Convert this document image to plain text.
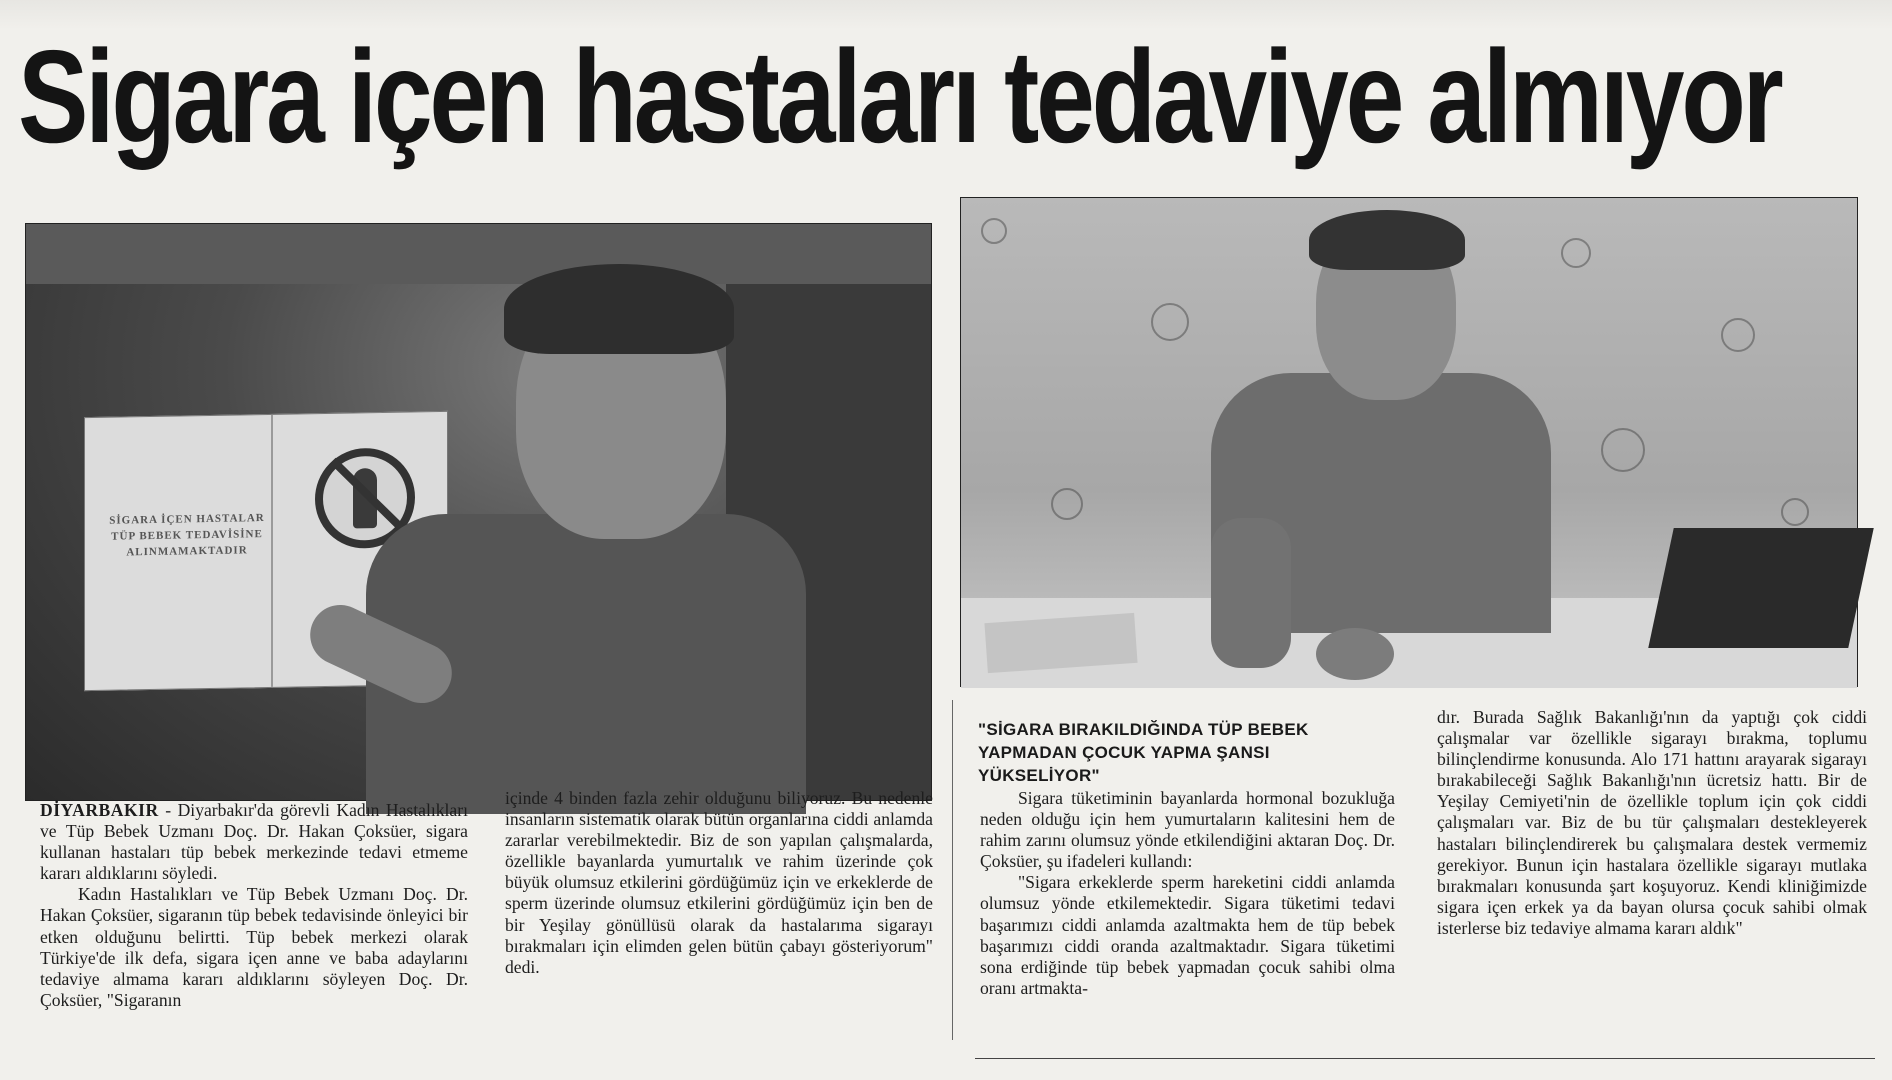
Sigara içen hastaları tedaviye almıyor
SİGARA İÇEN HASTALAR TÜP BEBEK TEDAVİSİNE ALINMAMAKTADIR

DİYARBAKIR - Diyarbakır'da görevli Kadın Hastalıkları ve Tüp Bebek Uzmanı Doç. Dr. Hakan Çoksüer, sigara kullanan hastaları tüp bebek merkezinde tedavi etmeme kararı aldıklarını söyledi.

Kadın Hastalıkları ve Tüp Bebek Uzmanı Doç. Dr. Hakan Çoksüer, sigaranın tüp bebek tedavisinde önleyici bir etken olduğunu belirtti. Tüp bebek merkezi olarak Türkiye'de ilk defa, sigara içen anne ve baba adaylarını tedaviye almama kararı aldıklarını söyleyen Doç. Dr. Çoksüer, "Sigaranın

içinde 4 binden fazla zehir olduğunu biliyoruz. Bu nedenle insanların sistematik olarak bütün organlarına ciddi anlamda zararlar verebilmektedir. Biz de son yapılan çalışmalarda, özellikle bayanlarda yumurtalık ve rahim üzerinde çok büyük olumsuz etkilerini gördüğümüz için ve erkeklerde de sperm üzerinde olumsuz etkilerini gördüğümüz için ben de bir Yeşilay gönüllüsü olarak da hastalarıma sigarayı bırakmaları için elimden gelen bütün çabayı gösteriyorum" dedi.

"SİGARA BIRAKILDIĞINDA TÜP BEBEK YAPMADAN ÇOCUK YAPMA ŞANSI YÜKSELİYOR"

Sigara tüketiminin bayanlarda hormonal bozukluğa neden olduğu için hem yumurtaların kalitesini hem de rahim zarını olumsuz yönde etkilendiğini aktaran Doç. Dr. Çoksüer, şu ifadeleri kullandı:

"Sigara erkeklerde sperm hareketini ciddi anlamda olumsuz yönde etkilemektedir. Sigara tüketimi tedavi başarımızı ciddi anlamda azaltmakta hem de tüp bebek başarımızı ciddi oranda azaltmaktadır. Sigara tüketimi sona erdiğinde tüp bebek yapmadan çocuk sahibi olma oranı artmakta-

dır. Burada Sağlık Bakanlığı'nın da yaptığı çok ciddi çalışmalar var özellikle sigarayı bırakma, toplumu bilinçlendirme konusunda. Alo 171 hattını arayarak sigarayı bırakabileceği Sağlık Bakanlığı'nın ücretsiz hattı. Bir de Yeşilay Cemiyeti'nin de özellikle toplum için çok ciddi çalışmaları var. Biz de bu tür çalışmaları destekleyerek hastaları bilinçlendirerek bu çalışmalara destek vermemiz gerekiyor. Bunun için hastalara özellikle sigarayı mutlaka bırakmaları konusunda şart koşuyoruz. Kendi kliniğimizde sigara içen erkek ya da bayan olursa çocuk sahibi olmak isterlerse biz tedaviye almama kararı aldık"
